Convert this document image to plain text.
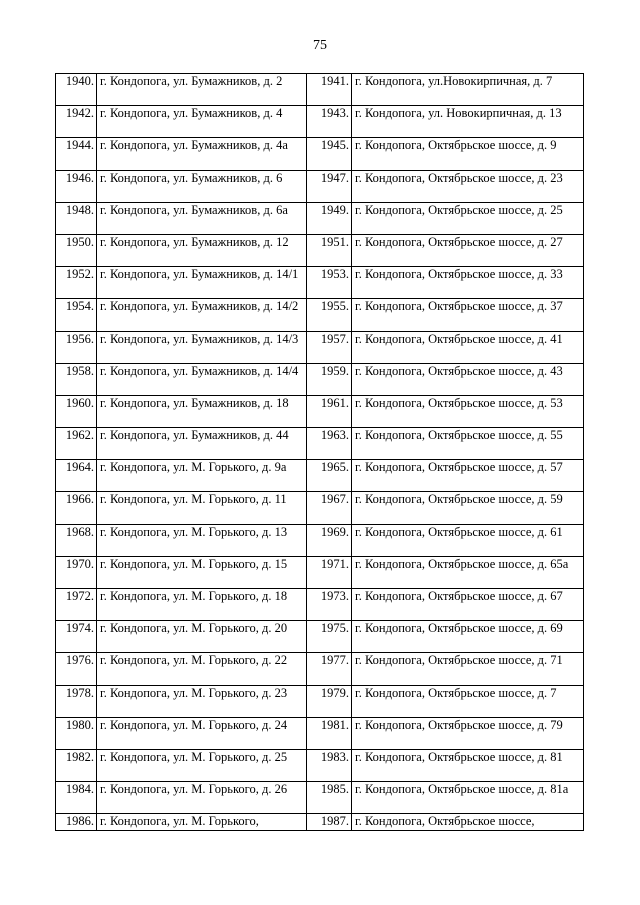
75
1940.	г. Кондопога, ул. Бумажников, д. 2	1941.	г. Кондопога, ул.Новокирпичная, д. 7
1942.	г. Кондопога, ул. Бумажников, д. 4	1943.	г. Кондопога, ул. Новокирпичная, д. 13
1944.	г. Кондопога, ул. Бумажников, д. 4а	1945.	г. Кондопога, Октябрьское шоссе, д. 9
1946.	г. Кондопога, ул. Бумажников, д. 6	1947.	г. Кондопога, Октябрьское шоссе, д. 23
1948.	г. Кондопога, ул. Бумажников, д. 6а	1949.	г. Кондопога, Октябрьское шоссе, д. 25
1950.	г. Кондопога, ул. Бумажников, д. 12	1951.	г. Кондопога, Октябрьское шоссе, д. 27
1952.	г. Кондопога, ул. Бумажников, д. 14/1	1953.	г. Кондопога, Октябрьское шоссе, д. 33
1954.	г. Кондопога, ул. Бумажников, д. 14/2	1955.	г. Кондопога, Октябрьское шоссе, д. 37
1956.	г. Кондопога, ул. Бумажников, д. 14/3	1957.	г. Кондопога, Октябрьское шоссе, д. 41
1958.	г. Кондопога, ул. Бумажников, д. 14/4	1959.	г. Кондопога, Октябрьское шоссе, д. 43
1960.	г. Кондопога, ул. Бумажников, д. 18	1961.	г. Кондопога, Октябрьское шоссе, д. 53
1962.	г. Кондопога, ул. Бумажников, д. 44	1963.	г. Кондопога, Октябрьское шоссе, д. 55
1964.	г. Кондопога, ул. М. Горького, д. 9а	1965.	г. Кондопога, Октябрьское шоссе, д. 57
1966.	г. Кондопога, ул. М. Горького, д. 11	1967.	г. Кондопога, Октябрьское шоссе, д. 59
1968.	г. Кондопога, ул. М. Горького, д. 13	1969.	г. Кондопога, Октябрьское шоссе, д. 61
1970.	г. Кондопога, ул. М. Горького, д. 15	1971.	г. Кондопога, Октябрьское шоссе, д. 65а
1972.	г. Кондопога, ул. М. Горького, д. 18	1973.	г. Кондопога, Октябрьское шоссе, д. 67
1974.	г. Кондопога, ул. М. Горького, д. 20	1975.	г. Кондопога, Октябрьское шоссе, д. 69
1976.	г. Кондопога, ул. М. Горького, д. 22	1977.	г. Кондопога, Октябрьское шоссе, д. 71
1978.	г. Кондопога, ул. М. Горького, д. 23	1979.	г. Кондопога, Октябрьское шоссе, д. 7
1980.	г. Кондопога, ул. М. Горького, д. 24	1981.	г. Кондопога, Октябрьское шоссе, д. 79
1982.	г. Кондопога, ул. М. Горького, д. 25	1983.	г. Кондопога, Октябрьское шоссе, д. 81
1984.	г. Кондопога, ул. М. Горького, д. 26	1985.	г. Кондопога, Октябрьское шоссе, д. 81а
1986.	г. Кондопога, ул. М. Горького,	1987.	г. Кондопога, Октябрьское шоссе,
